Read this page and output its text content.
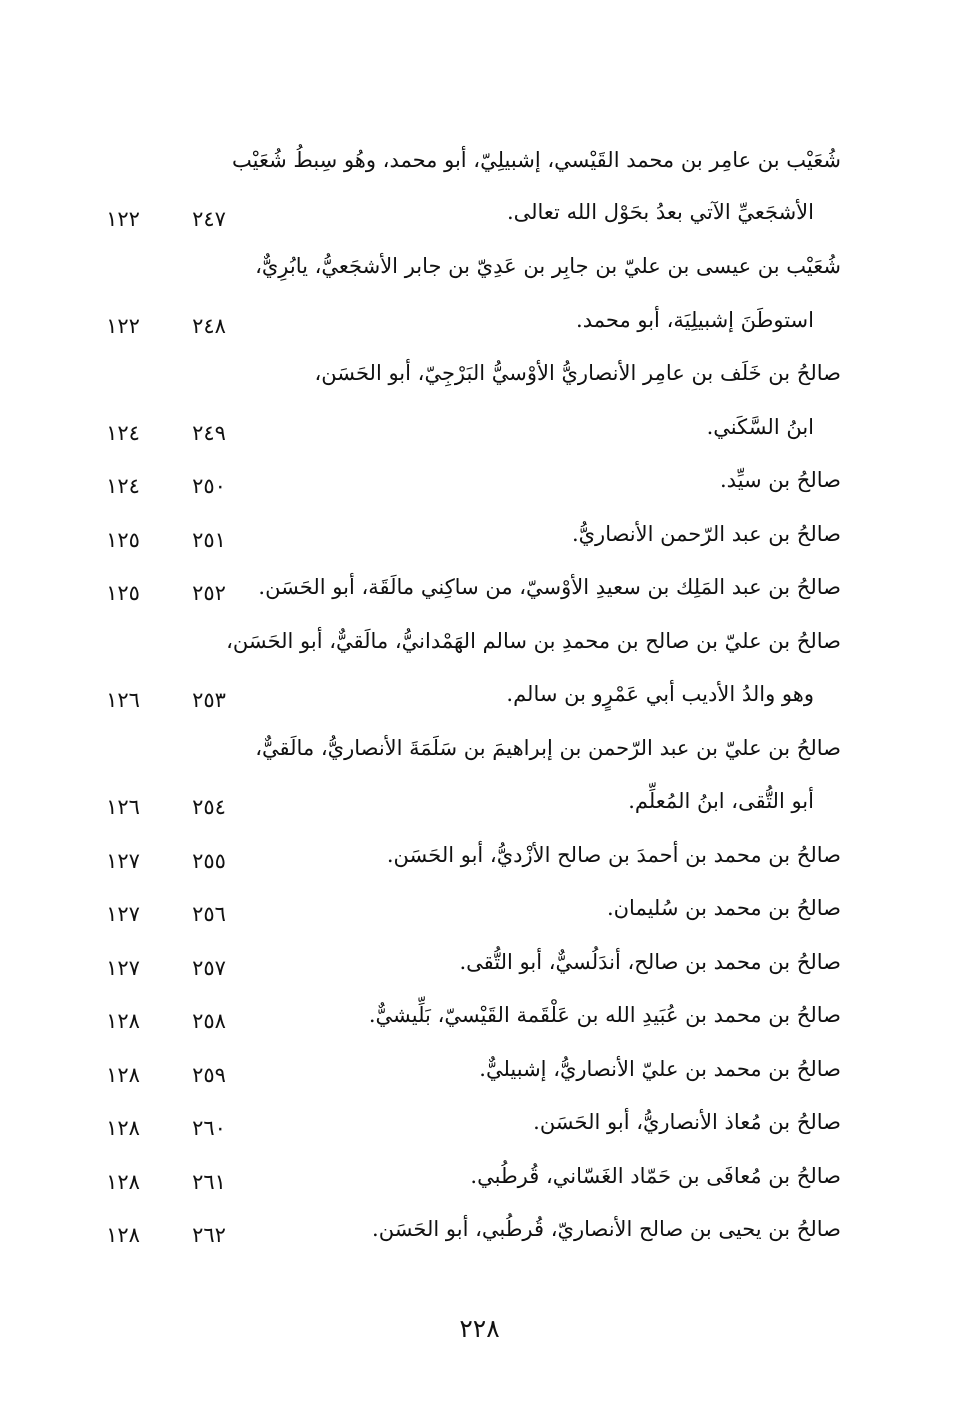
شُعَيْب بن عامِر بن محمد القَيْسي، إشبيلِيّ، أبو محمد، وهُو سِبطُ شُعَيْب
الأشجَعيِّ الآتي بعدُ بحَوْل الله تعالى.
٢٤٧
١٢٢
شُعَيْب بن عيسى بن عليّ بن جابِر بن عَدِيّ بن جابر الأشجَعيُّ، يابُرِيٌّ،
استوطَنَ إشبيلِيَة، أبو محمد.
٢٤٨
١٢٢
صالحُ بن خَلَف بن عامِر الأنصاريُّ الأوْسيُّ البَرْجِيّ، أبو الحَسَن،
ابنُ السَّكَني.
٢٤٩
١٢٤
صالحُ بن سيِّد.
٢٥٠
١٢٤
صالحُ بن عبد الرّحمن الأنصاريُّ.
٢٥١
١٢٥
صالحُ بن عبد المَلِك بن سعيدِ الأوْسيّ، من ساكِني مالَقَة، أبو الحَسَن.
٢٥٢
١٢٥
صالحُ بن عليّ بن صالح بن محمدِ بن سالم الهَمْدانيُّ، مالَقيٌّ، أبو الحَسَن،
وهو والدُ الأديب أبي عَمْرٍو بن سالم.
٢٥٣
١٢٦
صالحُ بن عليّ بن عبد الرّحمن بن إبراهيمَ بن سَلَمَةَ الأنصاريُّ، مالَقيٌّ،
أبو التُّقى، ابنُ المُعلِّم.
٢٥٤
١٢٦
صالحُ بن محمد بن أحمدَ بن صالح الأزْديُّ، أبو الحَسَن.
٢٥٥
١٢٧
صالحُ بن محمد بن سُليمان.
٢٥٦
١٢٧
صالحُ بن محمد بن صالح، أندَلُسيٌّ، أبو التُّقى.
٢٥٧
١٢٧
صالحُ بن محمد بن عُبَيدِ الله بن عَلْقَمة القَيْسيّ، بَلِّيشيٌّ.
٢٥٨
١٢٨
صالحُ بن محمد بن عليّ الأنصاريُّ، إشبيليٌّ.
٢٥٩
١٢٨
صالحُ بن مُعاذ الأنصاريُّ، أبو الحَسَن.
٢٦٠
١٢٨
صالحُ بن مُعافَى بن حَمّاد الغَسّاني، قُرطُبي.
٢٦١
١٢٨
صالحُ بن يحيى بن صالح الأنصاريّ، قُرطُبي، أبو الحَسَن.
٢٦٢
١٢٨
٢٢٨
